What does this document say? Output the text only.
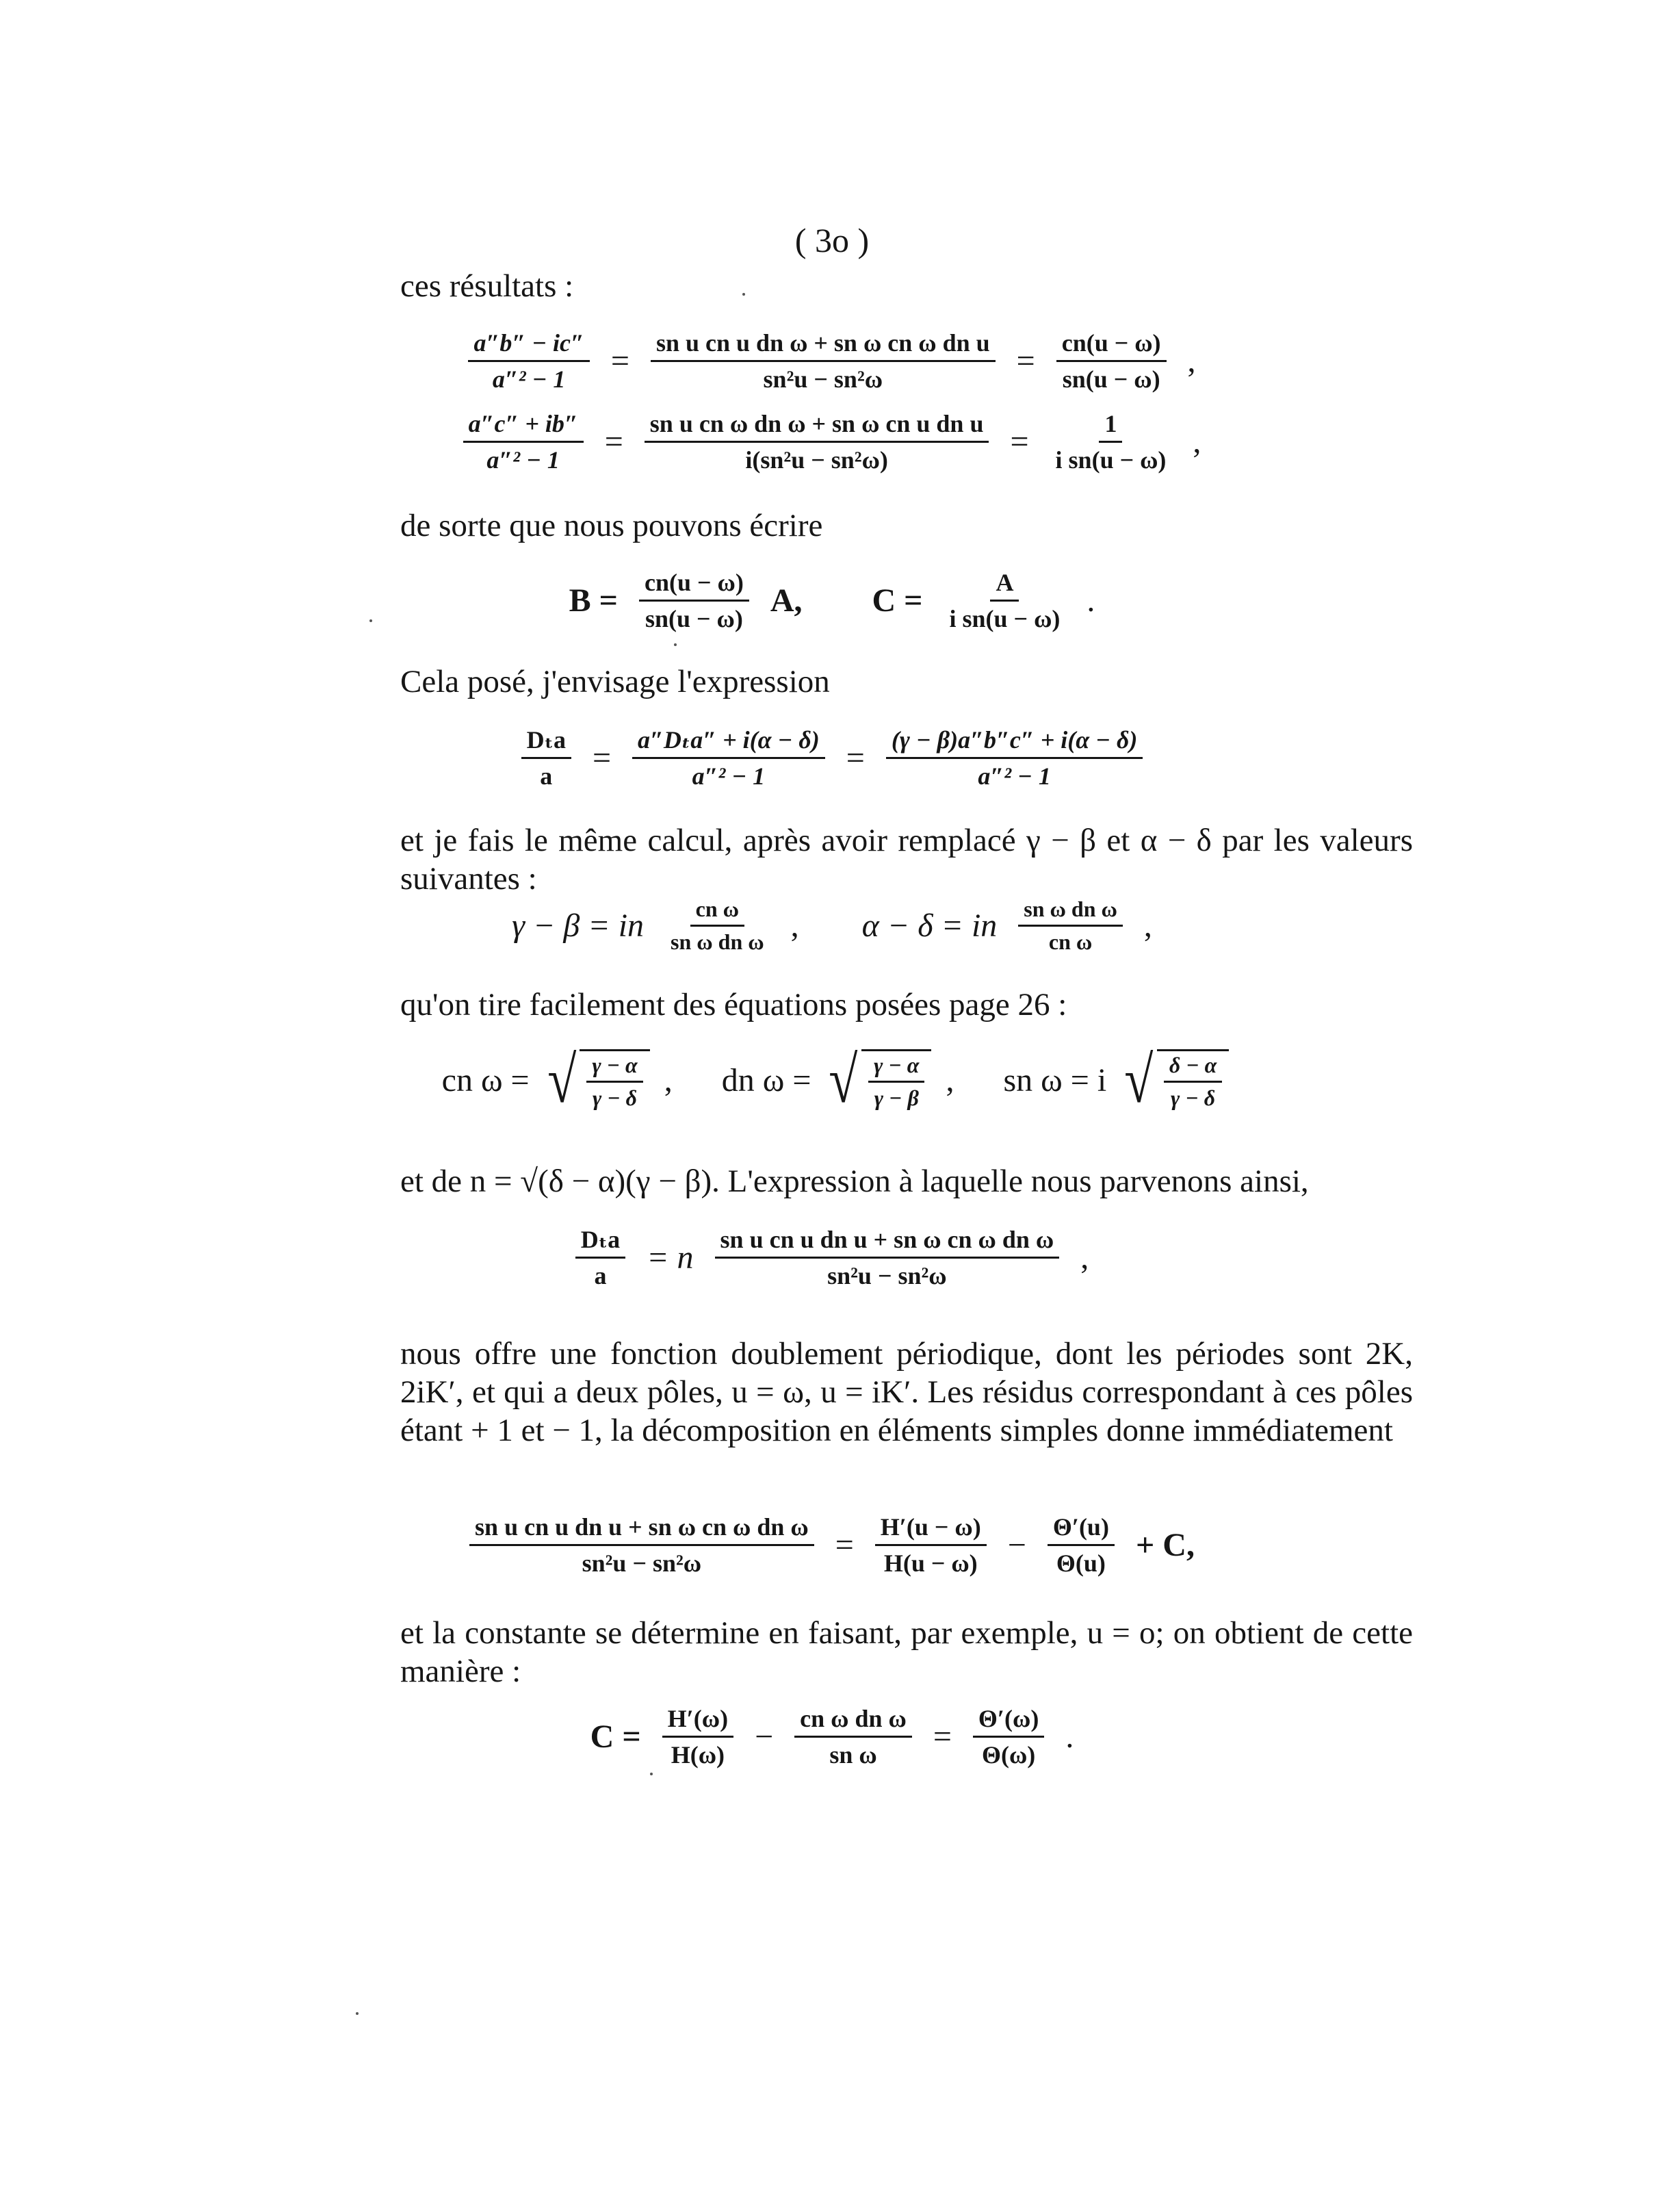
( 3o )
ces résultats :
$\frac{a''b'' - ic''}{\text{a″² − 1}} = \frac{\text{sn u cn u dn ω + sn ω cn ω dn u}}{\text{sn²u − sn²ω}} = \frac{cn(u - \omega)}{sn(u - \omega)}$ ,
$\frac{a''c'' + ib''}{\text{a″² − 1}} = \frac{\text{sn u cn ω dn ω + sn ω cn u dn u}}{\text{i(sn²u − sn²ω)}} = \frac{1}{\text{i sn(u − ω)}}$ ,
de sorte que nous pouvons écrire
$B = \frac{cn(u - \omega)}{sn(u - \omega)} A$, $C = \frac{A}{\text{i sn(u − ω)}}$ .
Cela posé, j'envisage l'expression
$\frac{\text{Dₜa}}{a} = \frac{\text{a″Dₜa″ + i(α − δ)}}{\text{a″² − 1}} = \frac{(\gamma - \beta)a''b''c'' + i(\alpha - \delta)}{\text{a″² − 1}}$
et je fais le même calcul, après avoir remplacé γ − β et α − δ par les valeurs suivantes :
γ − β = in $\frac{\text{cn ω}}{\text{sn ω dn ω}}$ , α − δ = in $\frac{\text{sn ω dn ω}}{\text{cn ω}}$ ,
qu'on tire facilement des équations posées page 26 :
cn ω = √ $\frac{\gamma - \alpha}{\gamma - \delta}$ , dn ω = √ $\frac{\gamma - \alpha}{\gamma - \beta}$ , sn ω = i √ $\frac{\delta - \alpha}{\gamma - \delta}$
et de n = √(δ − α)(γ − β). L'expression à laquelle nous parvenons ainsi,
$\frac{\text{Dₜa}}{a} = n \frac{\text{sn u cn u dn u + sn ω cn ω dn ω}}{\text{sn²u − sn²ω}}$ ,
nous offre une fonction doublement périodique, dont les périodes sont 2K, 2iK′, et qui a deux pôles, u = ω, u = iK′. Les résidus correspondant à ces pôles étant + 1 et − 1, la décomposition en éléments simples donne immédiatement
$\frac{\text{sn u cn u dn u + sn ω cn ω dn ω}}{\text{sn²u − sn²ω}} = \frac{H'(u - \omega)}{H(u - \omega)} - \frac{\Theta'(u)}{\Theta(u)} + C$,
et la constante se détermine en faisant, par exemple, u = o; on obtient de cette manière :
$C = \frac{H'(\omega)}{H(\omega)} - \frac{\text{cn ω dn ω}}{\text{sn ω}} = \frac{\Theta'(\omega)}{\Theta(\omega)}$ .
